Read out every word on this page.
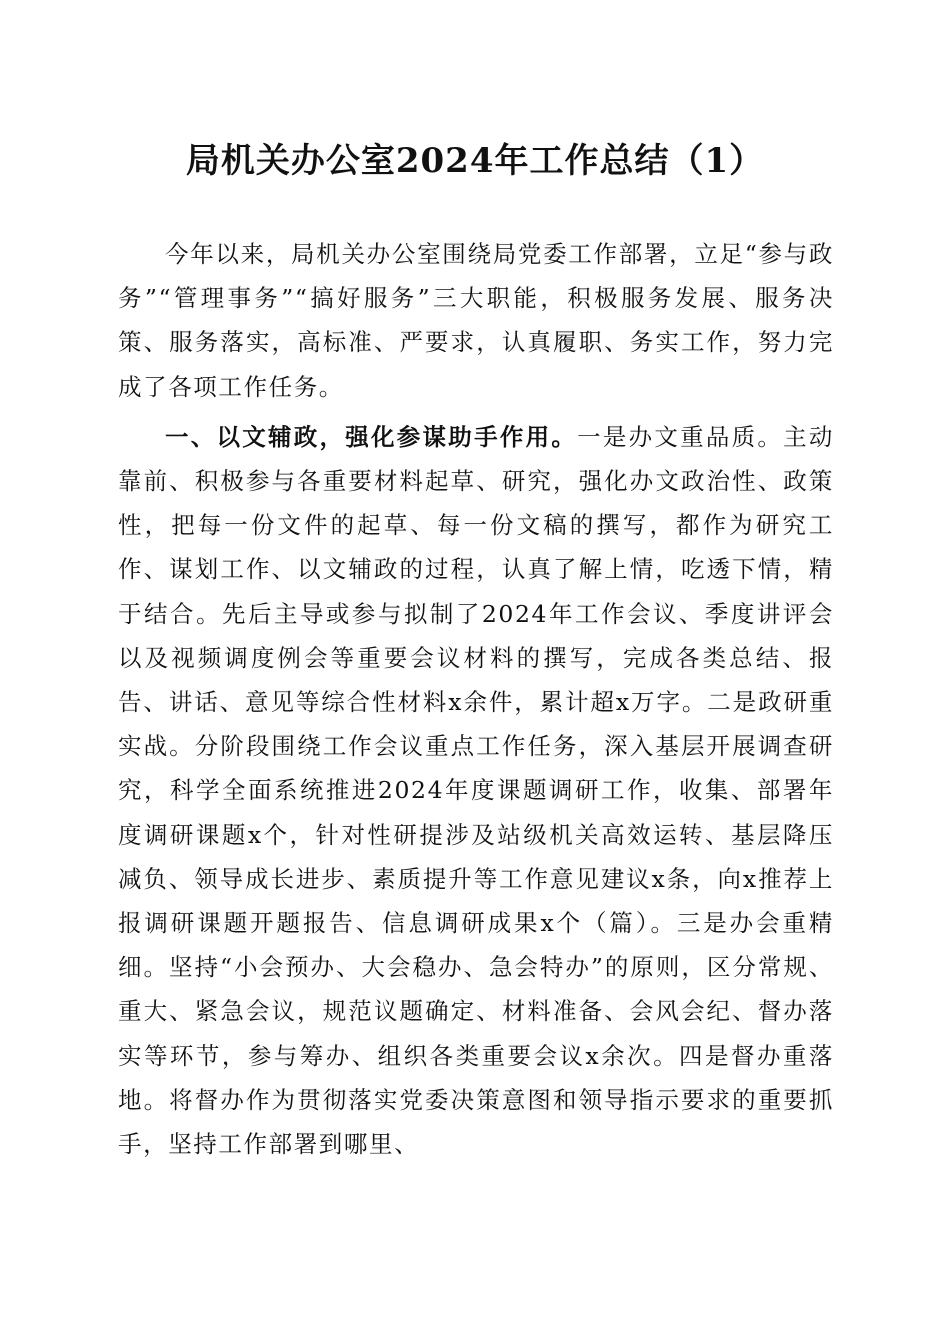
局机关办公室2024年工作总结（1）

今年以来，局机关办公室围绕局党委工作部署，立足“参与政务”“管理事务”“搞好服务”三大职能，积极服务发展、服务决策、服务落实，高标准、严要求，认真履职、务实工作，努力完成了各项工作任务。

一、以文辅政，强化参谋助手作用。一是办文重品质。主动靠前、积极参与各重要材料起草、研究，强化办文政治性、政策性，把每一份文件的起草、每一份文稿的撰写，都作为研究工作、谋划工作、以文辅政的过程，认真了解上情，吃透下情，精于结合。先后主导或参与拟制了2024年工作会议、季度讲评会以及视频调度例会等重要会议材料的撰写，完成各类总结、报告、讲话、意见等综合性材料x余件，累计超x万字。二是政研重实战。分阶段围绕工作会议重点工作任务，深入基层开展调查研究，科学全面系统推进2024年度课题调研工作，收集、部署年度调研课题x个，针对性研提涉及站级机关高效运转、基层降压减负、领导成长进步、素质提升等工作意见建议x条，向x推荐上报调研课题开题报告、信息调研成果x个（篇）。三是办会重精细。坚持“小会预办、大会稳办、急会特办”的原则，区分常规、重大、紧急会议，规范议题确定、材料准备、会风会纪、督办落实等环节，参与筹办、组织各类重要会议x余次。四是督办重落地。将督办作为贯彻落实党委决策意图和领导指示要求的重要抓手，坚持工作部署到哪里、
